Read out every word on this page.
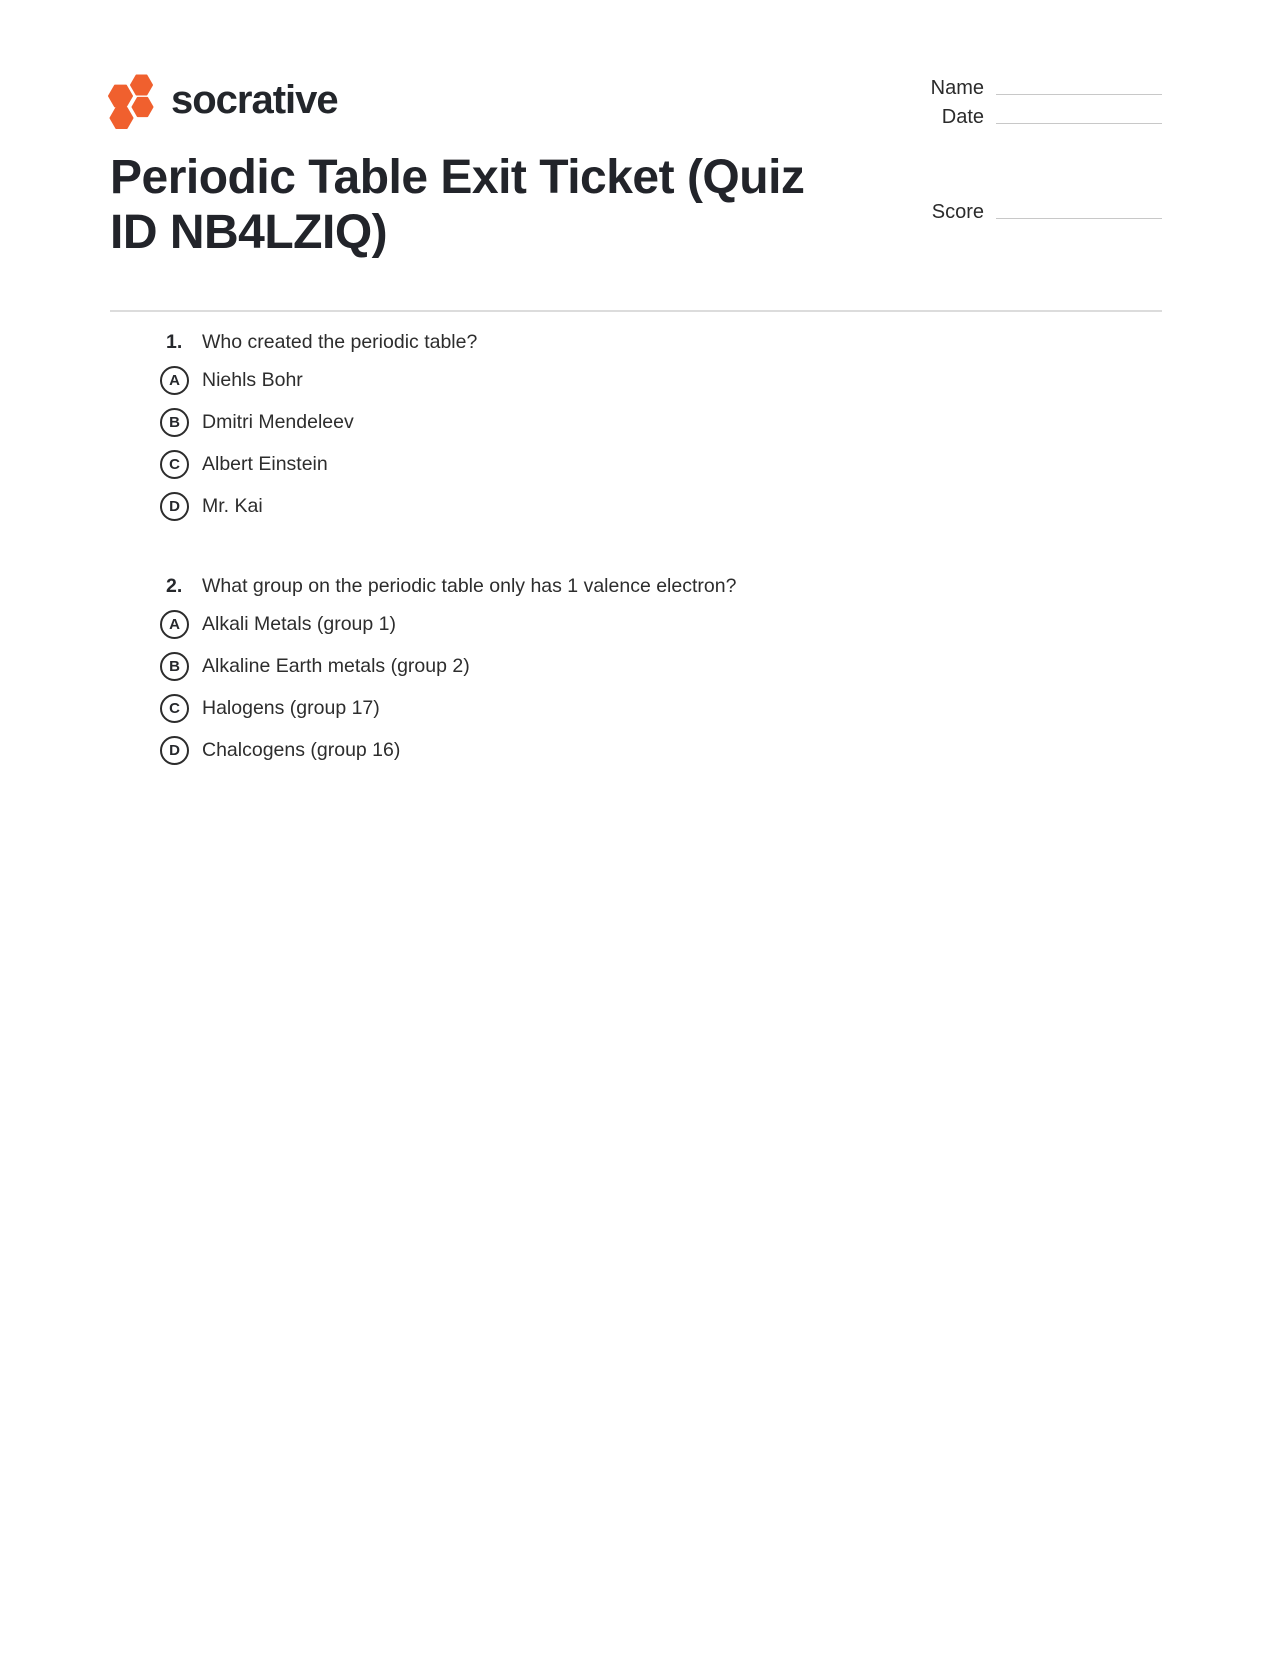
socrative	Name
Date
Periodic Table Exit Ticket (Quiz ID NB4LZIQ)	Score
1.	Who created the periodic table?
A Niehls Bohr
B Dmitri Mendeleev
C Albert Einstein
D Mr. Kai
2.	What group on the periodic table only has 1 valence electron?
A Alkali Metals (group 1)
B Alkaline Earth metals (group 2)
C Halogens (group 17)
D Chalcogens (group 16)
